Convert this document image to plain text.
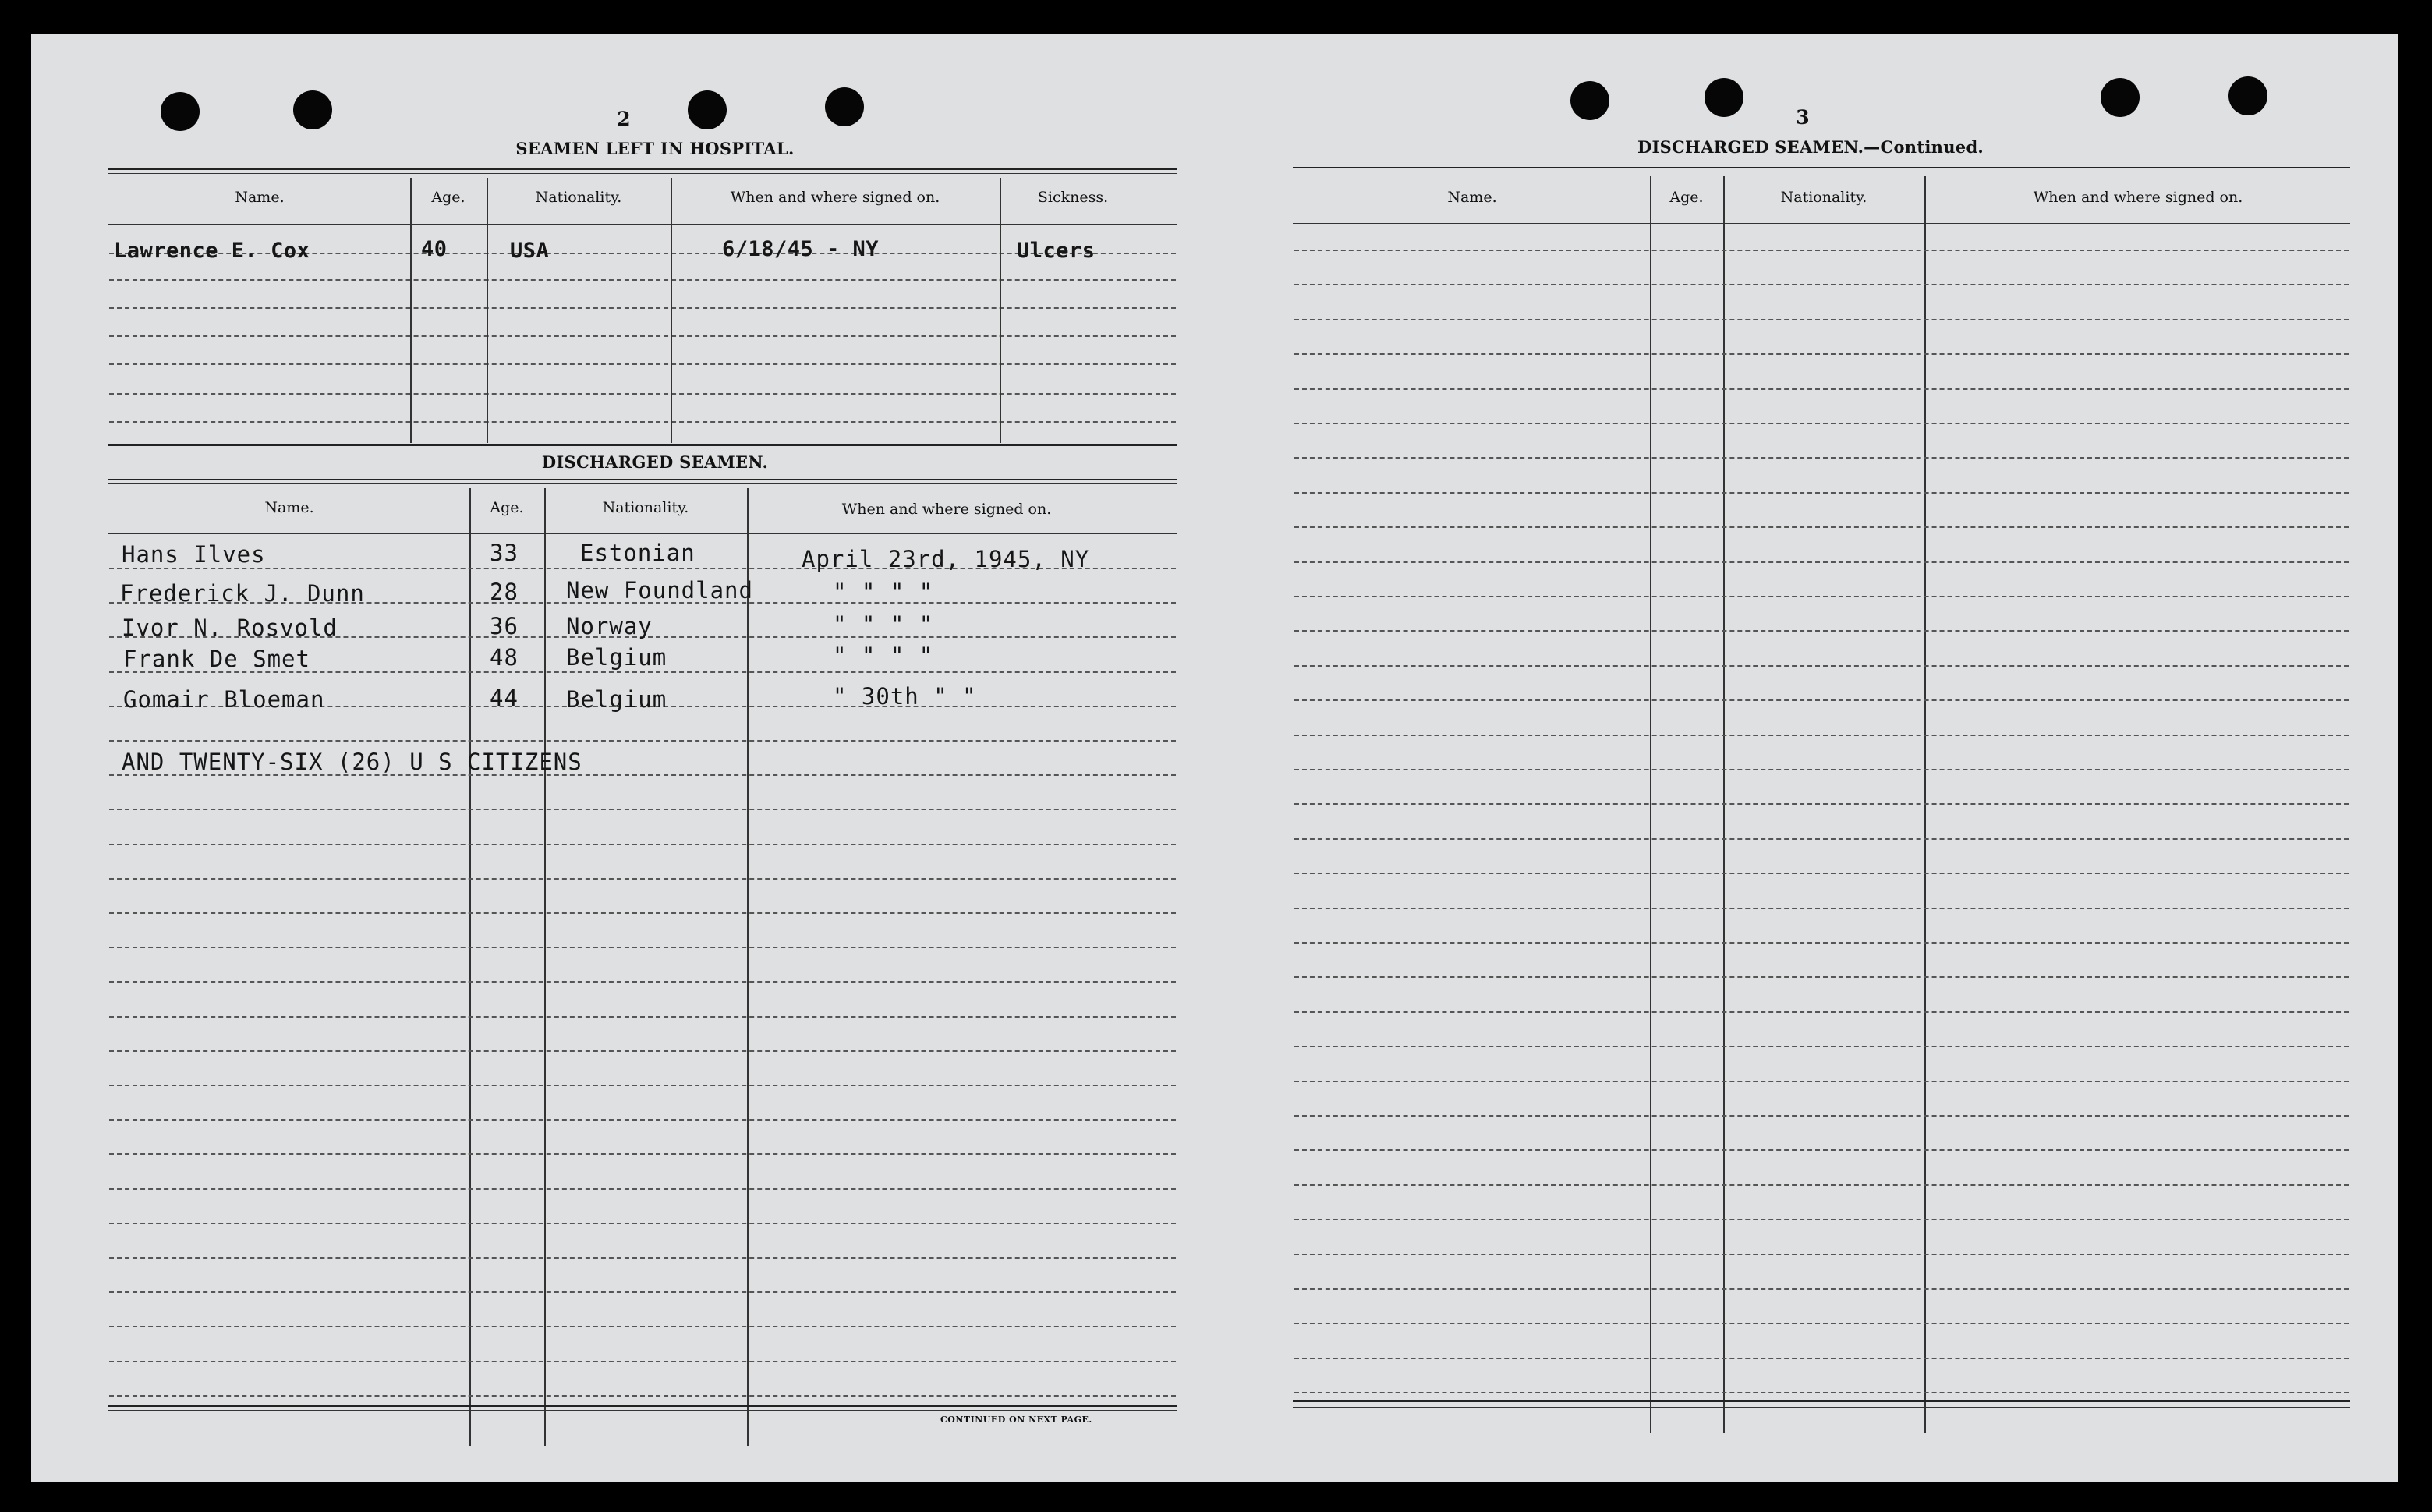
2
SEAMEN LEFT IN HOSPITAL.
Name.	Age.	Nationality.	When and where signed on.	Sickness.
Lawrence E. Cox	40	USA	6/18/45 - NY	Ulcers
DISCHARGED SEAMEN.
Name.	Age.	Nationality.	When and where signed on.
Hans Ilves	33	Estonian	April 23rd, 1945, NY
Frederick J. Dunn	28 New Foundland	" " " "
Ivor N. Rosvold	36 Norway	" " " "
Frank De Smet	48 Belgium	" " " "
Gomair Bloeman	44 Belgium	" 30th " "
AND TWENTY-SIX (26) U S CITIZENS
CONTINUED ON NEXT PAGE.
3
DISCHARGED SEAMEN.—Continued.
Name.	Age.	Nationality.	When and where signed on.
